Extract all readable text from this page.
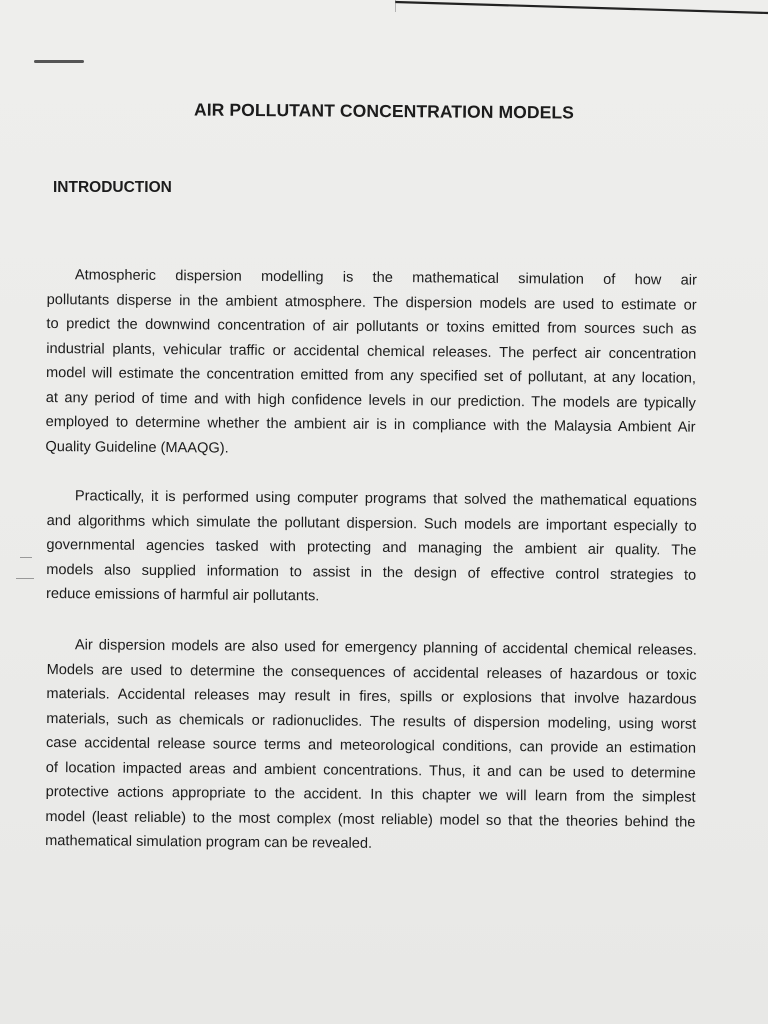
AIR POLLUTANT CONCENTRATION MODELS
INTRODUCTION
Atmospheric dispersion modelling is the mathematical simulation of how air
pollutants disperse in the ambient atmosphere. The dispersion models are used to estimate or
to predict the downwind concentration of air pollutants or toxins emitted from sources such as
industrial plants, vehicular traffic or accidental chemical releases. The perfect air concentration
model will estimate the concentration emitted from any specified set of pollutant, at any location,
at any period of time and with high confidence levels in our prediction. The models are typically
employed to determine whether the ambient air is in compliance with the Malaysia Ambient Air
Quality Guideline (MAAQG).
Practically, it is performed using computer programs that solved the mathematical equations
and algorithms which simulate the pollutant dispersion. Such models are important especially to
governmental agencies tasked with protecting and managing the ambient air quality. The
models also supplied information to assist in the design of effective control strategies to
reduce emissions of harmful air pollutants.
Air dispersion models are also used for emergency planning of accidental chemical releases.
Models are used to determine the consequences of accidental releases of hazardous or toxic
materials. Accidental releases may result in fires, spills or explosions that involve hazardous
materials, such as chemicals or radionuclides. The results of dispersion modeling, using worst
case accidental release source terms and meteorological conditions, can provide an estimation
of location impacted areas and ambient concentrations. Thus, it and can be used to determine
protective actions appropriate to the accident. In this chapter we will learn from the simplest
model (least reliable) to the most complex (most reliable) model so that the theories behind the
mathematical simulation program can be revealed.
